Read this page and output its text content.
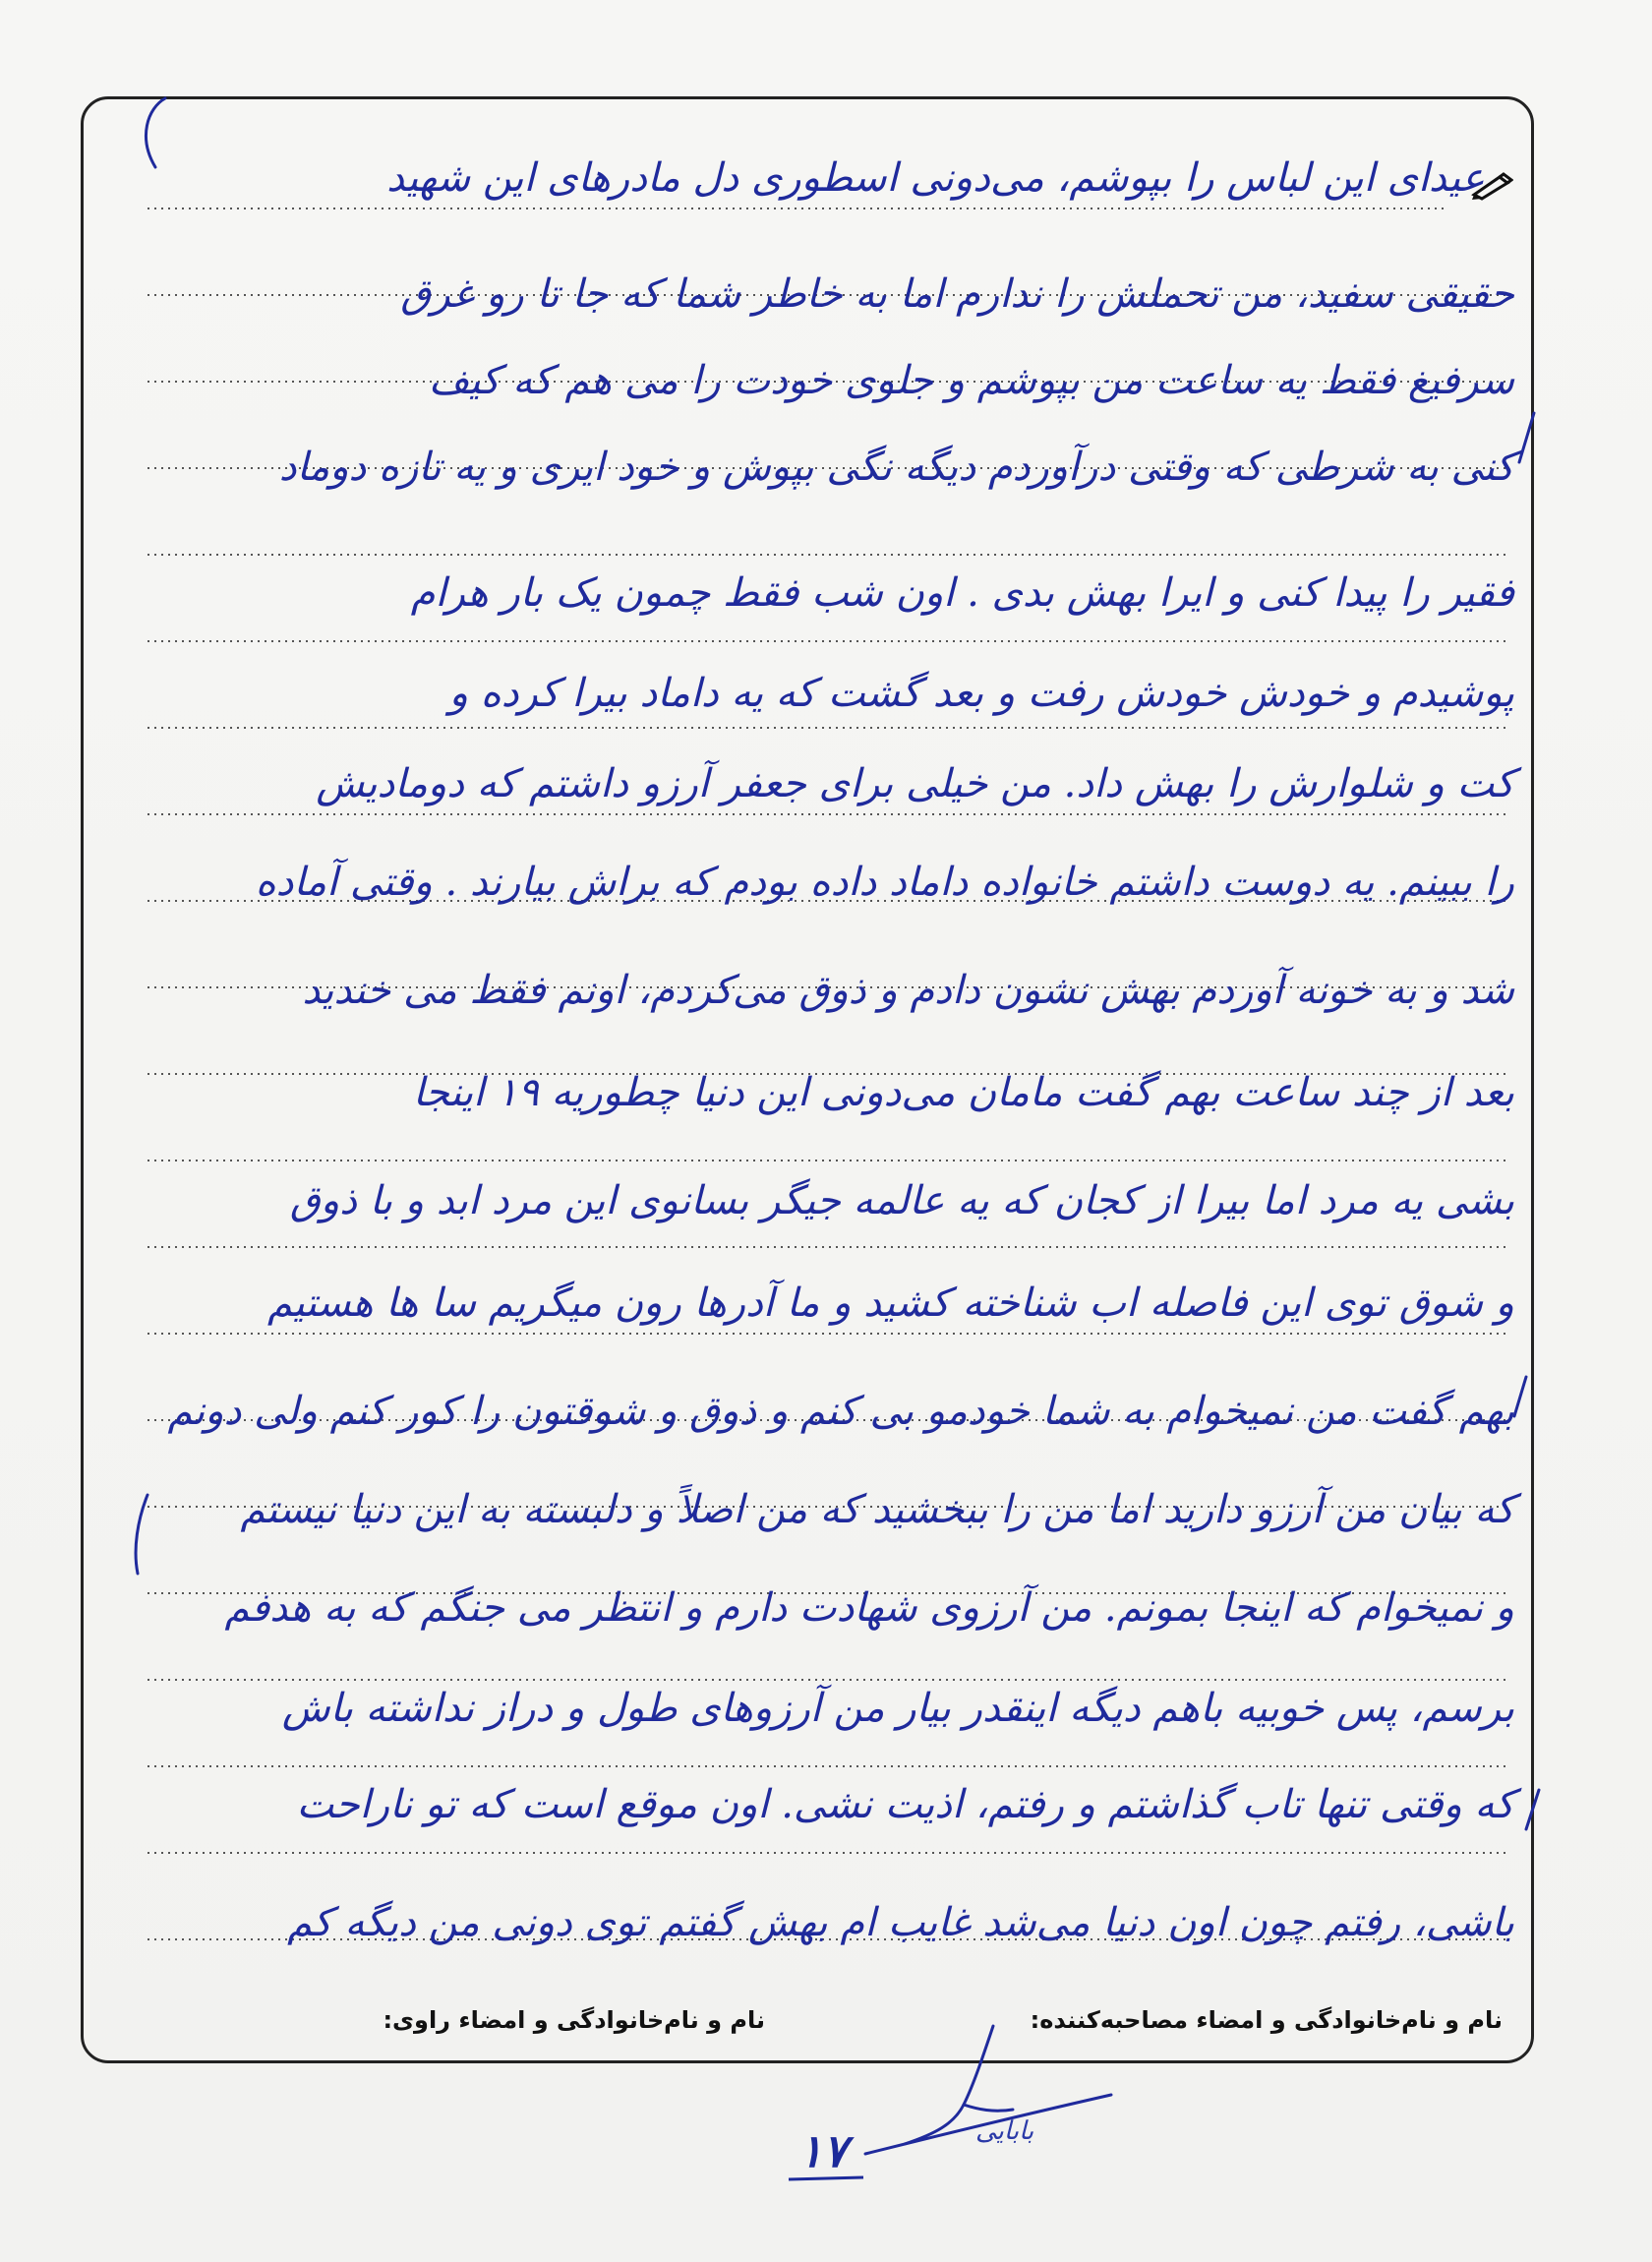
عیدای این لباس را بپوشم، می‌دونی اسطوری دل مادرهای این شهید
حقیقی سفید، من تحملش را ندارم اما به خاطر شما که جا تا رو غرق
سرفیغ فقط یه ساعت من بپوشم و جلوی خودت را می هم که کیف
کنی به شرطی که وقتی درآوردم دیگه نگی بپوش و خود ایری و یه تازه دوماد
فقیر را پیدا کنی و ایرا بهش بدی . اون شب فقط چمون یک بار هرام
پوشیدم و خودش خودش رفت و بعد گشت که یه داماد بیرا کرده و
کت و شلوارش را بهش داد. من خیلی برای جعفر آرزو داشتم که دومادیش
را ببینم. یه دوست داشتم خانواده داماد داده بودم که براش بیارند . وقتی آماده
شد و به خونه آوردم بهش نشون دادم و ذوق می‌کردم، اونم فقط می خندید
بعد از چند ساعت بهم گفت مامان می‌دونی این دنیا چطوریه ۱۹ اینجا
بشی یه مرد اما بیرا از کجان که یه عالمه جیگر بسانوی این مرد ابد و با ذوق
و شوق توی این فاصله اب شناخته کشید و ما آدرها رون میگریم سا ها هستیم
بهم گفت من نمیخوام به شما خودمو بی کنم و ذوق و شوقتون را کور کنم ولی دونم
که بیان من آرزو دارید اما من را ببخشید که من اصلاً و دلبسته به این دنیا نیستم
و نمیخوام که اینجا بمونم. من آرزوی شهادت دارم و انتظر می جنگم که به هدفم
برسم، پس خوبیه باهم دیگه اینقدر بیار من آرزوهای طول و دراز نداشته باش
که وقتی تنها تاب گذاشتم و رفتم، اذیت نشی. اون موقع است که تو ناراحت
باشی، رفتم چون اون دنیا می‌شد غایب ام بهش گفتم توی دونی من دیگه کم
نام و نام‌خانوادگی و امضاء مصاحبه‌کننده:
نام و نام‌خانوادگی و امضاء راوی:
بابایی
۱۷
